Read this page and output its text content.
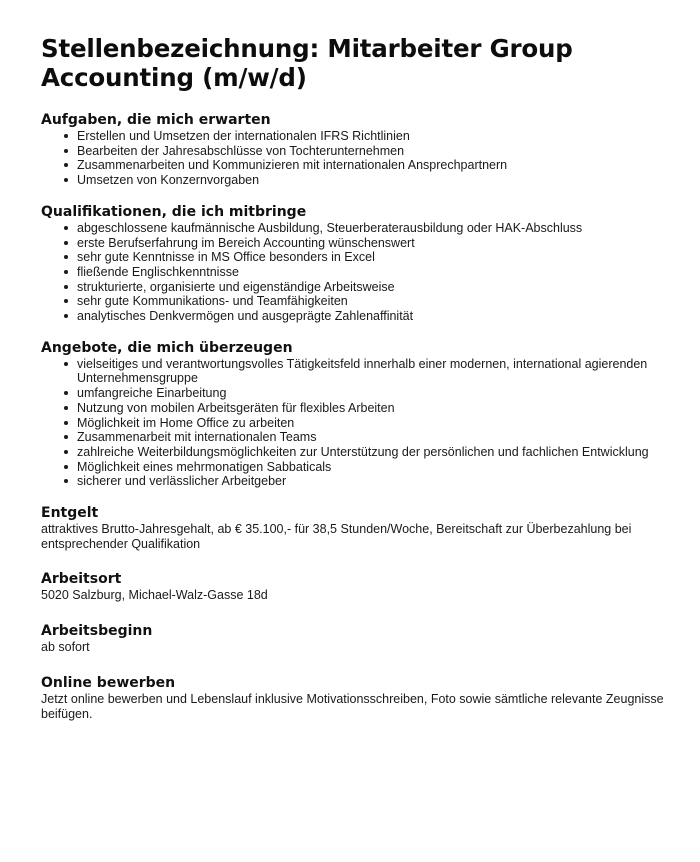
Stellenbezeichnung: Mitarbeiter Group Accounting (m/w/d)
Aufgaben, die mich erwarten
Erstellen und Umsetzen der internationalen IFRS Richtlinien
Bearbeiten der Jahresabschlüsse von Tochterunternehmen
Zusammenarbeiten und Kommunizieren mit internationalen Ansprechpartnern
Umsetzen von Konzernvorgaben
Qualifikationen, die ich mitbringe
abgeschlossene kaufmännische Ausbildung, Steuerberaterausbildung oder HAK-Abschluss
erste Berufserfahrung im Bereich Accounting wünschenswert
sehr gute Kenntnisse in MS Office besonders in Excel
fließende Englischkenntnisse
strukturierte, organisierte und eigenständige Arbeitsweise
sehr gute Kommunikations- und Teamfähigkeiten
analytisches Denkvermögen und ausgeprägte Zahlenaffinität
Angebote, die mich überzeugen
vielseitiges und verantwortungsvolles Tätigkeitsfeld innerhalb einer modernen, international agierenden Unternehmensgruppe
umfangreiche Einarbeitung
Nutzung von mobilen Arbeitsgeräten für flexibles Arbeiten
Möglichkeit im Home Office zu arbeiten
Zusammenarbeit mit internationalen Teams
zahlreiche Weiterbildungsmöglichkeiten zur Unterstützung der persönlichen und fachlichen Entwicklung
Möglichkeit eines mehrmonatigen Sabbaticals
sicherer und verlässlicher Arbeitgeber
Entgelt

attraktives Brutto-Jahresgehalt, ab € 35.100,- für 38,5 Stunden/Woche, Bereitschaft zur Überbezahlung bei entsprechender Qualifikation

Arbeitsort

5020 Salzburg, Michael-Walz-Gasse 18d

Arbeitsbeginn

ab sofort

Online bewerben

Jetzt online bewerben und Lebenslauf inklusive Motivationsschreiben, Foto sowie sämtliche relevante Zeugnisse beifügen.
